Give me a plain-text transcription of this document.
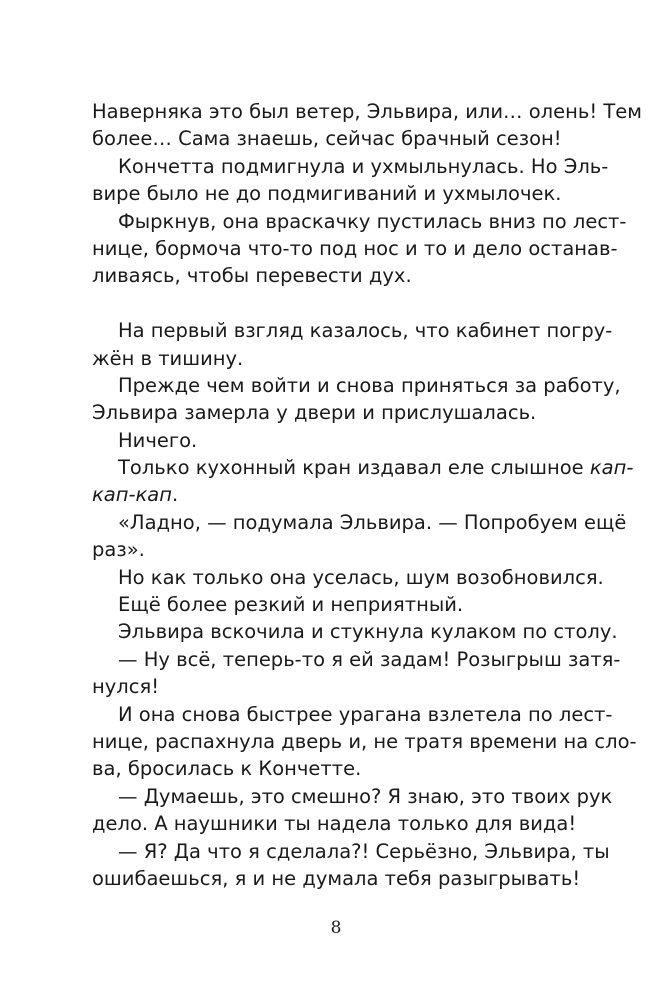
Наверняка это был ветер, Эльвира, или… олень! Тем
более… Сама знаешь, сейчас брачный сезон!
Кончетта подмигнула и ухмыльнулась. Но Эль-
вире было не до подмигиваний и ухмылочек.
Фыркнув, она враскачку пустилась вниз по лест-
нице, бормоча что-то под нос и то и дело останав-
ливаясь, чтобы перевести дух.
На первый взгляд казалось, что кабинет погру-
жён в тишину.
Прежде чем войти и снова приняться за работу,
Эльвира замерла у двери и прислушалась.
Ничего.
Только кухонный кран издавал еле слышное кап-
кап-кап.
«Ладно, — подумала Эльвира. — Попробуем ещё
раз».
Но как только она уселась, шум возобновился.
Ещё более резкий и неприятный.
Эльвира вскочила и стукнула кулаком по столу.
— Ну всё, теперь-то я ей задам! Розыгрыш затя-
нулся!
И она снова быстрее урагана взлетела по лест-
нице, распахнула дверь и, не тратя времени на сло-
ва, бросилась к Кончетте.
— Думаешь, это смешно? Я знаю, это твоих рук
дело. А наушники ты надела только для вида!
— Я? Да что я сделала?! Серьёзно, Эльвира, ты
ошибаешься, я и не думала тебя разыгрывать!
8
